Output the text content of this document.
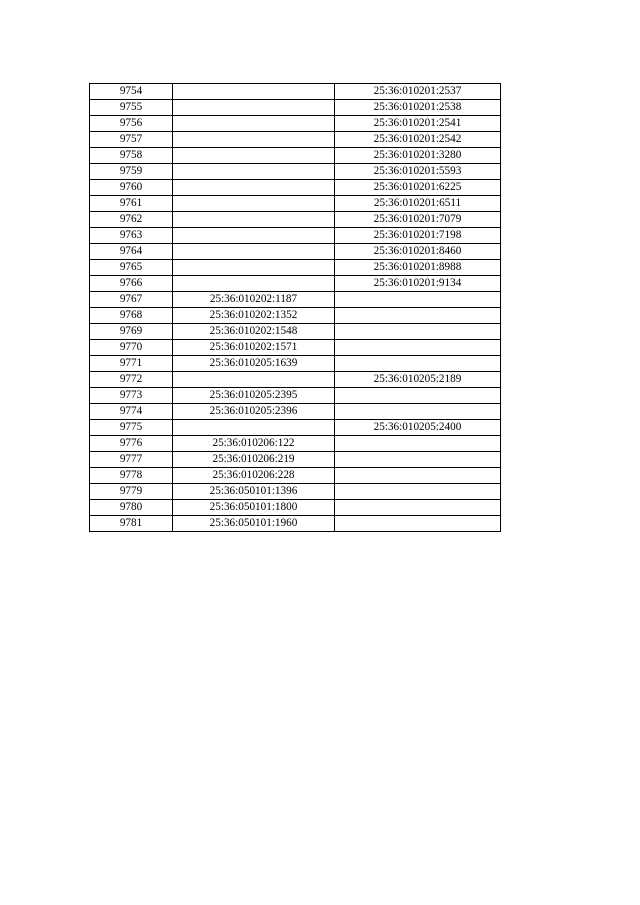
9754		25:36:010201:2537
9755		25:36:010201:2538
9756		25:36:010201:2541
9757		25:36:010201:2542
9758		25:36:010201:3280
9759		25:36:010201:5593
9760		25:36:010201:6225
9761		25:36:010201:6511
9762		25:36:010201:7079
9763		25:36:010201:7198
9764		25:36:010201:8460
9765		25:36:010201:8988
9766		25:36:010201:9134
9767	25:36:010202:1187	
9768	25:36:010202:1352	
9769	25:36:010202:1548	
9770	25:36:010202:1571	
9771	25:36:010205:1639	
9772		25:36:010205:2189
9773	25:36:010205:2395	
9774	25:36:010205:2396	
9775		25:36:010205:2400
9776	25:36:010206:122	
9777	25:36:010206:219	
9778	25:36:010206:228	
9779	25:36:050101:1396	
9780	25:36:050101:1800	
9781	25:36:050101:1960	
